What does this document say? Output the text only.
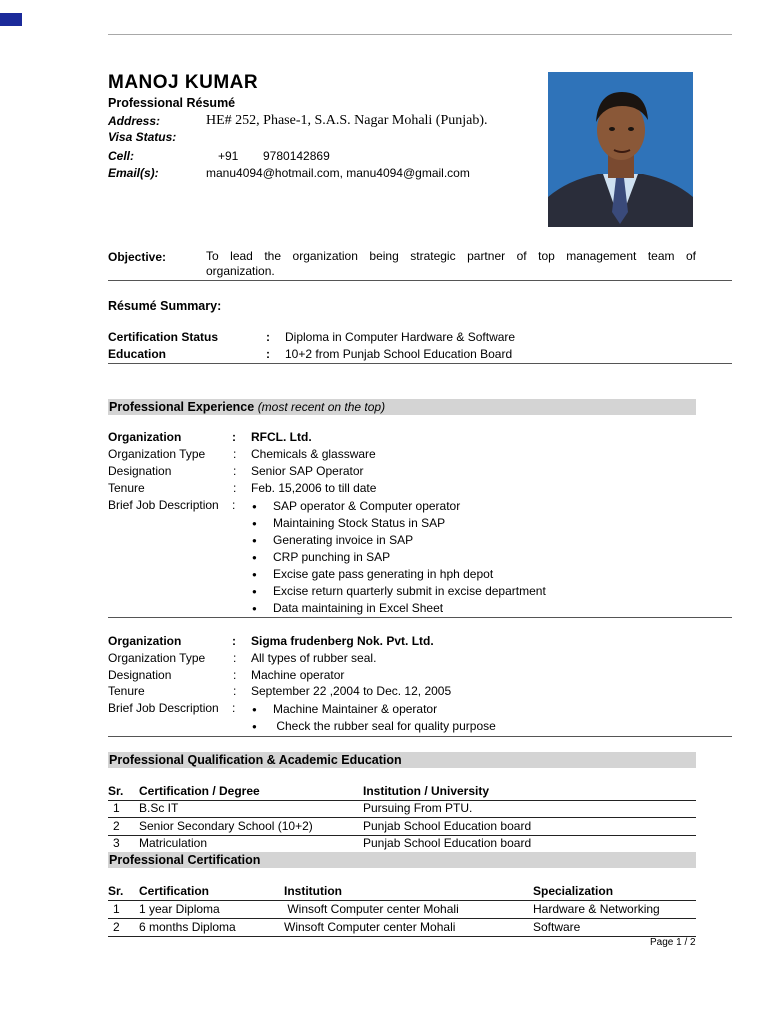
MANOJ KUMAR
Professional Résumé
Address:	HE# 252, Phase-1, S.A.S. Nagar Mohali (Punjab).
Visa Status:
Cell:	+91 9780142869
Email(s):	manu4094@hotmail.com, manu4094@gmail.com
Objective:	To lead the organization being strategic partner of top management team of
organization.
Résumé Summary:
Certification Status	: Diploma in Computer Hardware & Software
Education	: 10+2 from Punjab School Education Board
Professional Experience (most recent on the top)
Organization	: RFCL. Ltd.
Organization Type : Chemicals & glassware
Designation	: Senior SAP Operator
Tenure	: Feb. 15,2006 to till date
Brief Job Description : ● SAP operator & Computer operator
● Maintaining Stock Status in SAP
● Generating invoice in SAP
● CRP punching in SAP
● Excise gate pass generating in hph depot
● Excise return quarterly submit in excise department
● Data maintaining in Excel Sheet
Organization	: Sigma frudenberg Nok. Pvt. Ltd.
Organization Type : All types of rubber seal.
Designation	: Machine operator
Tenure	: September 22 ,2004 to Dec. 12, 2005
Brief Job Description : ● Machine Maintainer & operator
● Check the rubber seal for quality purpose
Professional Qualification & Academic Education
Sr. Certification / Degree	Institution / University
1 B.Sc IT	Pursuing From PTU.
2 Senior Secondary School (10+2)	Punjab School Education board
3 Matriculation	Punjab School Education board
Professional Certification
Sr. Certification	Institution	Specialization
1 1 year Diploma	Winsoft Computer center Mohali	Hardware & Networking
2 6 months Diploma	Winsoft Computer center Mohali	Software
Page 1 / 2
